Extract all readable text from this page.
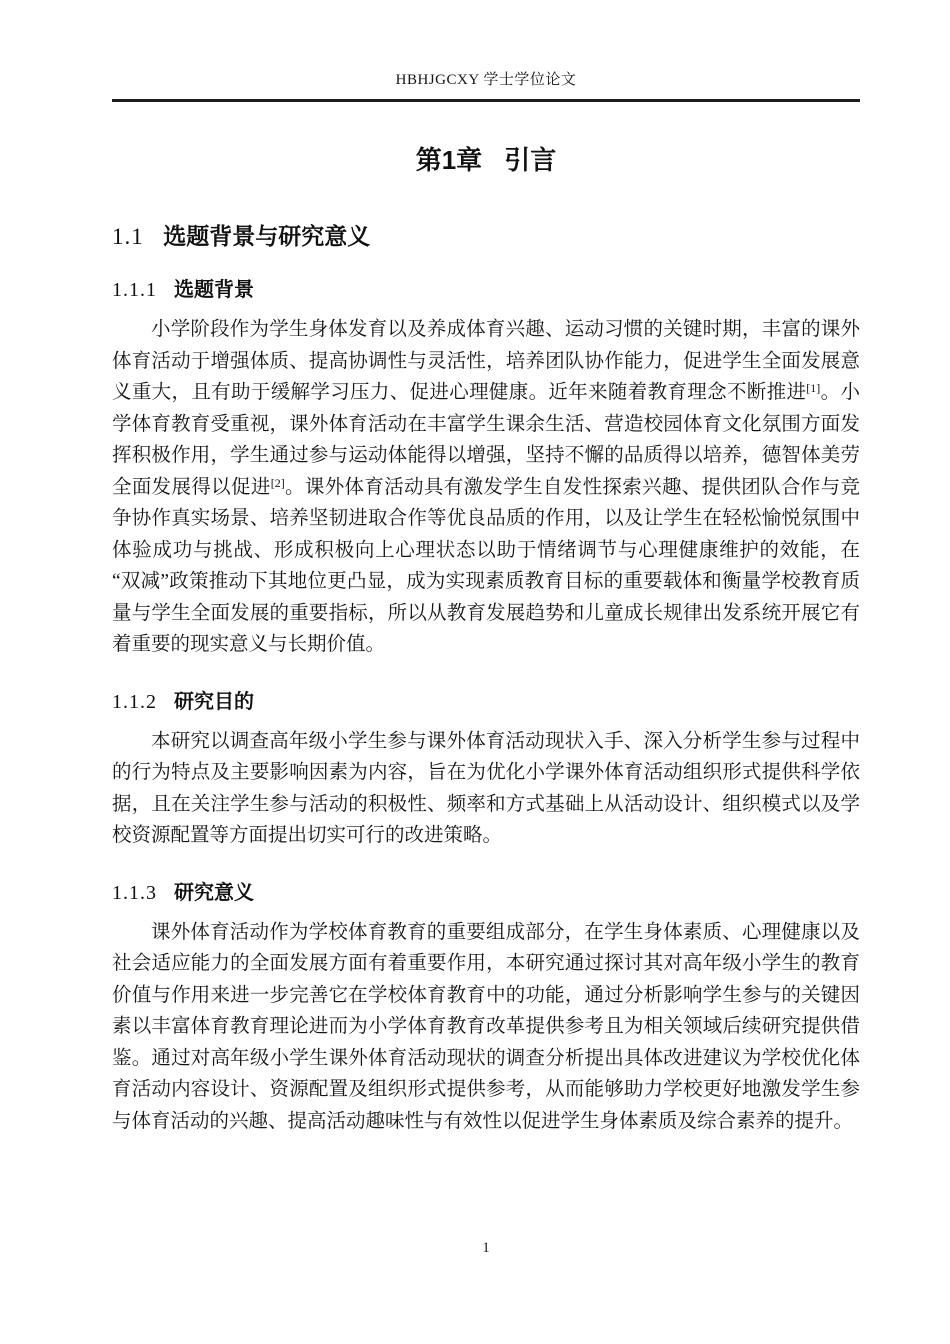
HBHJGCXY 学士学位论文
第1章 引言
1.1 选题背景与研究意义
1.1.1 选题背景

小学阶段作为学生身体发育以及养成体育兴趣、运动习惯的关键时期，丰富的课外体育活动于增强体质、提高协调性与灵活性，培养团队协作能力，促进学生全面发展意义重大，且有助于缓解学习压力、促进心理健康。近年来随着教育理念不断推进[1]。小学体育教育受重视，课外体育活动在丰富学生课余生活、营造校园体育文化氛围方面发挥积极作用，学生通过参与运动体能得以增强，坚持不懈的品质得以培养，德智体美劳全面发展得以促进[2]。课外体育活动具有激发学生自发性探索兴趣、提供团队合作与竞争协作真实场景、培养坚韧进取合作等优良品质的作用，以及让学生在轻松愉悦氛围中体验成功与挑战、形成积极向上心理状态以助于情绪调节与心理健康维护的效能，在“双减”政策推动下其地位更凸显，成为实现素质教育目标的重要载体和衡量学校教育质量与学生全面发展的重要指标，所以从教育发展趋势和儿童成长规律出发系统开展它有着重要的现实意义与长期价值。

1.1.2 研究目的

本研究以调查高年级小学生参与课外体育活动现状入手、深入分析学生参与过程中的行为特点及主要影响因素为内容，旨在为优化小学课外体育活动组织形式提供科学依据，且在关注学生参与活动的积极性、频率和方式基础上从活动设计、组织模式以及学校资源配置等方面提出切实可行的改进策略。

1.1.3 研究意义

课外体育活动作为学校体育教育的重要组成部分，在学生身体素质、心理健康以及社会适应能力的全面发展方面有着重要作用，本研究通过探讨其对高年级小学生的教育价值与作用来进一步完善它在学校体育教育中的功能，通过分析影响学生参与的关键因素以丰富体育教育理论进而为小学体育教育改革提供参考且为相关领域后续研究提供借鉴。通过对高年级小学生课外体育活动现状的调查分析提出具体改进建议为学校优化体育活动内容设计、资源配置及组织形式提供参考，从而能够助力学校更好地激发学生参与体育活动的兴趣、提高活动趣味性与有效性以促进学生身体素质及综合素养的提升。

1
